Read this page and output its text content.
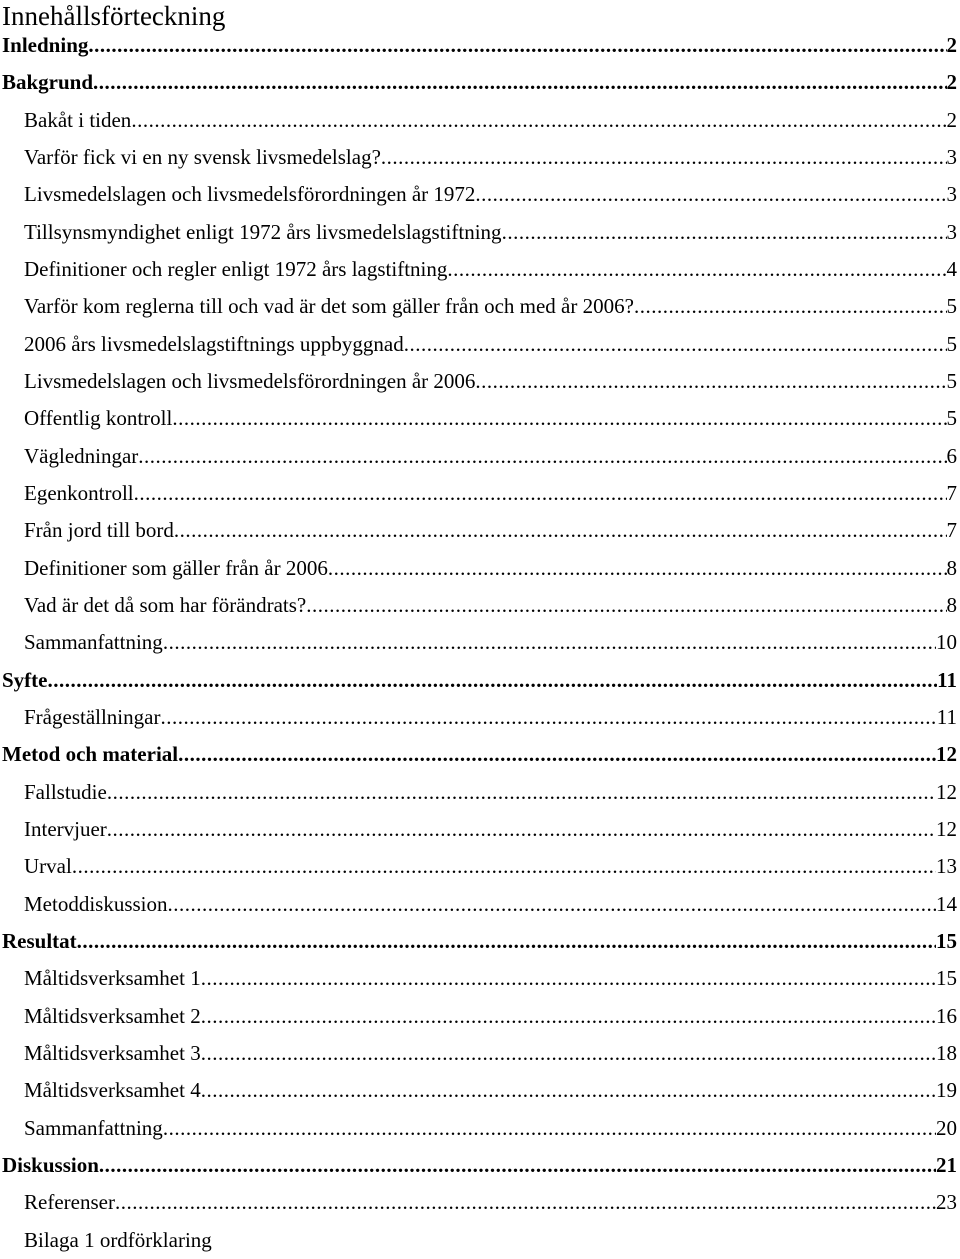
Innehållsförteckning
Inledning .....	2
Bakgrund .....	2
Bakåt i tiden .....	2
Varför fick vi en ny svensk livsmedelslag? .....	3
Livsmedelslagen och livsmedelsförordningen år 1972 .....	3
Tillsynsmyndighet enligt 1972 års livsmedelslagstiftning .....	3
Definitioner och regler enligt 1972 års lagstiftning .....	4
Varför kom reglerna till och vad är det som gäller från och med år 2006? .....	5
2006 års livsmedelslagstiftnings uppbyggnad .....	5
Livsmedelslagen och livsmedelsförordningen år 2006 .....	5
Offentlig kontroll .....	5
Vägledningar .....	6
Egenkontroll .....	7
Från jord till bord .....	7
Definitioner som gäller från år 2006 .....	8
Vad är det då som har förändrats? .....	8
Sammanfattning .....	10
Syfte .....	11
Frågeställningar .....	11
Metod och material .....	12
Fallstudie .....	12
Intervjuer .....	12
Urval .....	13
Metoddiskussion .....	14
Resultat .....	15
Måltidsverksamhet 1 .....	15
Måltidsverksamhet 2 .....	16
Måltidsverksamhet 3 .....	18
Måltidsverksamhet 4 .....	19
Sammanfattning .....	20
Diskussion .....	21
Referenser .....	23
Bilaga 1 ordförklaring
